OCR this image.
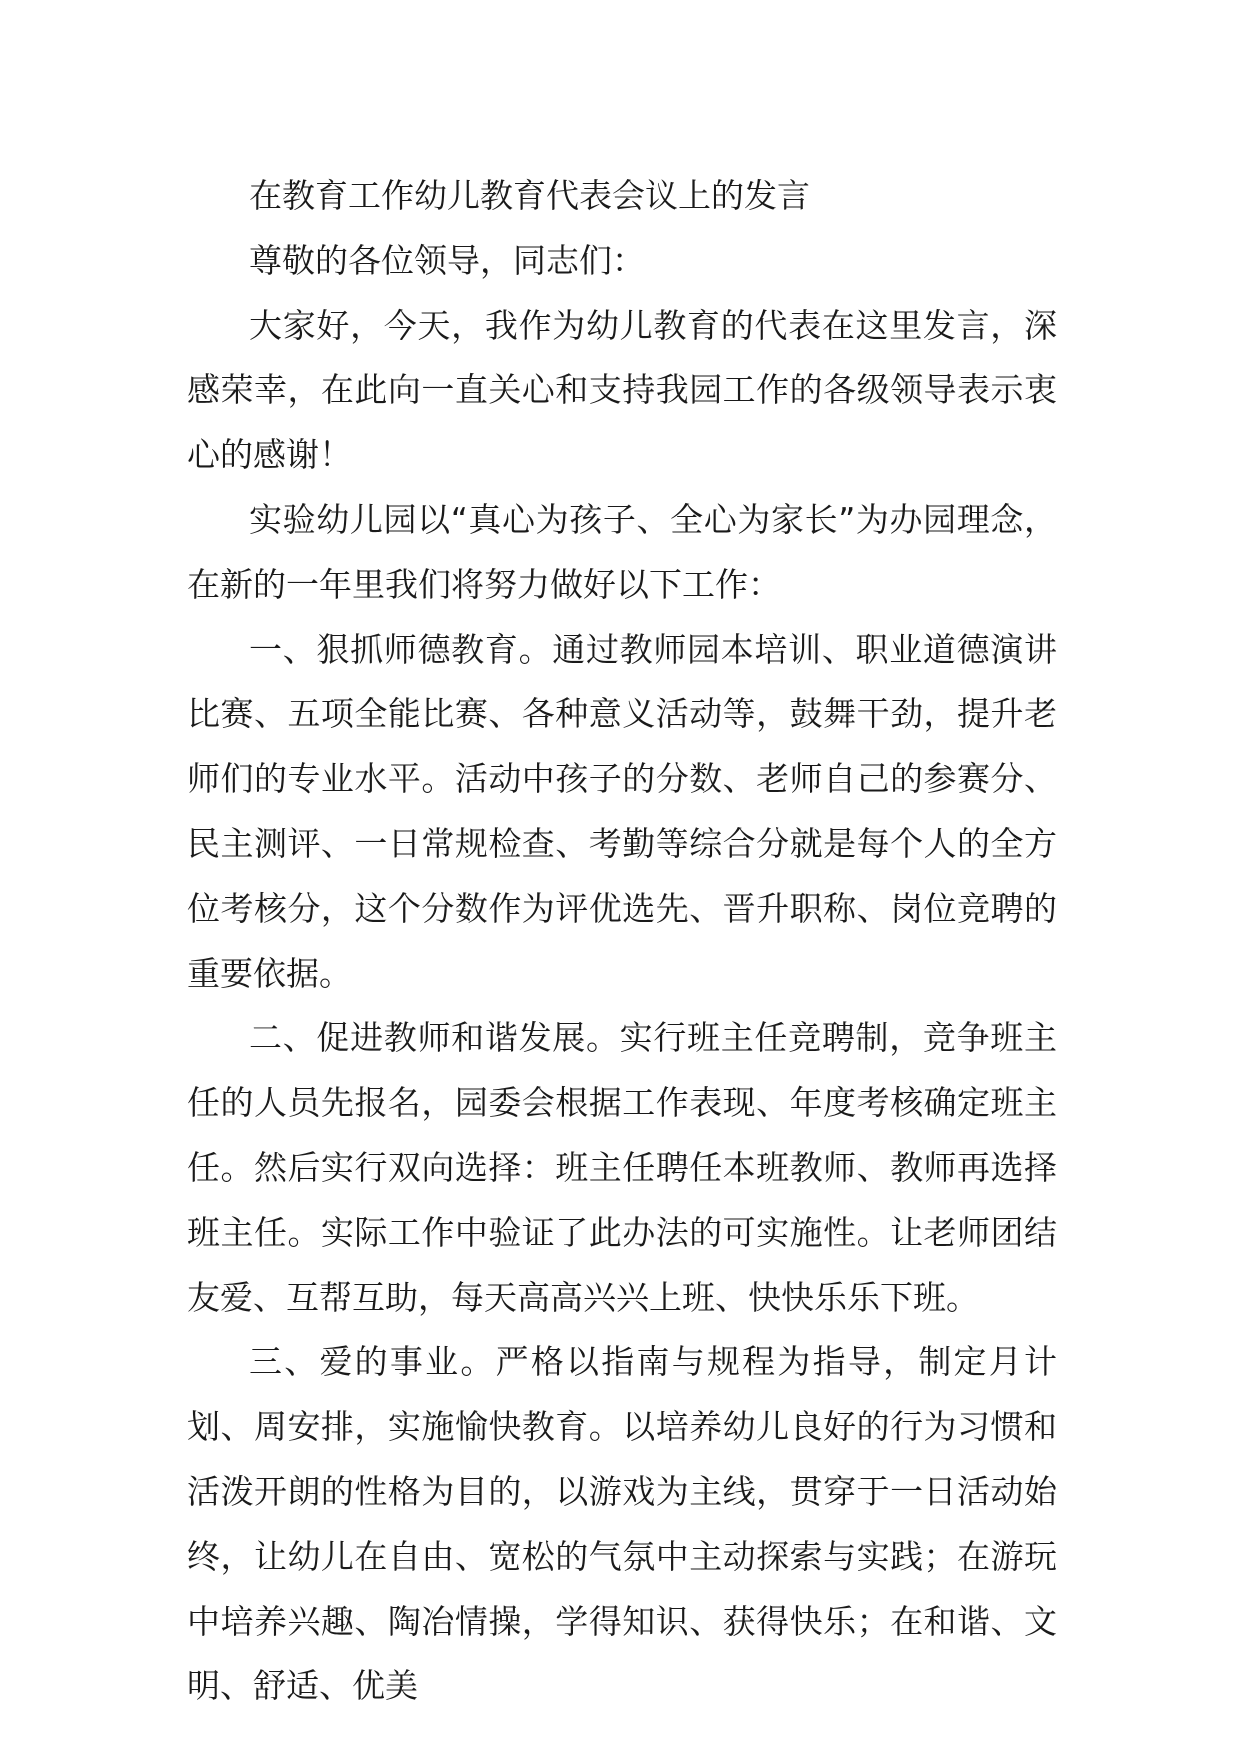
在教育工作幼儿教育代表会议上的发言

尊敬的各位领导，同志们：

大家好，今天，我作为幼儿教育的代表在这里发言，深感荣幸，在此向一直关心和支持我园工作的各级领导表示衷心的感谢！

实验幼儿园以“真心为孩子、全心为家长”为办园理念，在新的一年里我们将努力做好以下工作：

一、狠抓师德教育。通过教师园本培训、职业道德演讲比赛、五项全能比赛、各种意义活动等，鼓舞干劲，提升老师们的专业水平。活动中孩子的分数、老师自己的参赛分、民主测评、一日常规检查、考勤等综合分就是每个人的全方位考核分，这个分数作为评优选先、晋升职称、岗位竞聘的重要依据。

二、促进教师和谐发展。实行班主任竞聘制，竞争班主任的人员先报名，园委会根据工作表现、年度考核确定班主任。然后实行双向选择：班主任聘任本班教师、教师再选择班主任。实际工作中验证了此办法的可实施性。让老师团结友爱、互帮互助，每天高高兴兴上班、快快乐乐下班。

三、爱的事业。严格以指南与规程为指导，制定月计划、周安排，实施愉快教育。以培养幼儿良好的行为习惯和活泼开朗的性格为目的，以游戏为主线，贯穿于一日活动始终，让幼儿在自由、宽松的气氛中主动探索与实践；在游玩中培养兴趣、陶冶情操，学得知识、获得快乐；在和谐、文明、舒适、优美
